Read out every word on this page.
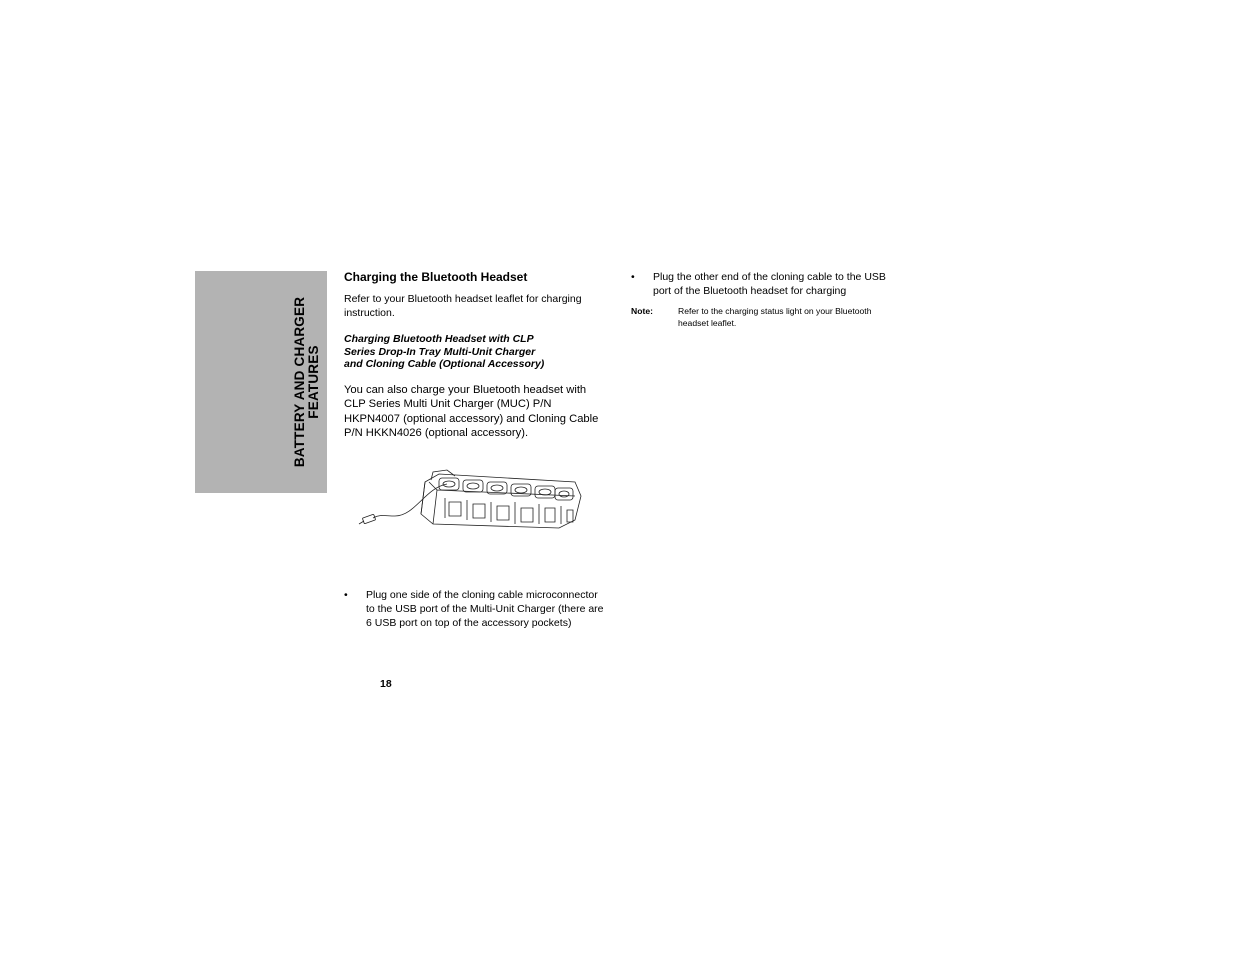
BATTERY AND CHARGER FEATURES
Charging the Bluetooth Headset

Refer to your Bluetooth headset leaflet for charging instruction.

Charging Bluetooth Headset with CLP
Series Drop-In Tray Multi-Unit Charger
and Cloning Cable (Optional Accessory)

You can also charge your Bluetooth headset with CLP Series Multi Unit Charger (MUC) P/N HKPN4007 (optional accessory) and Cloning Cable P/N HKKN4026 (optional accessory).

•	Plug one side of the cloning cable microconnector to the USB port of the Multi-Unit Charger (there are 6 USB port on top of the accessory pockets)
•	Plug the other end of the cloning cable to the USB port of the Bluetooth headset for charging
Note:	Refer to the charging status light on your Bluetooth headset leaflet.
18
